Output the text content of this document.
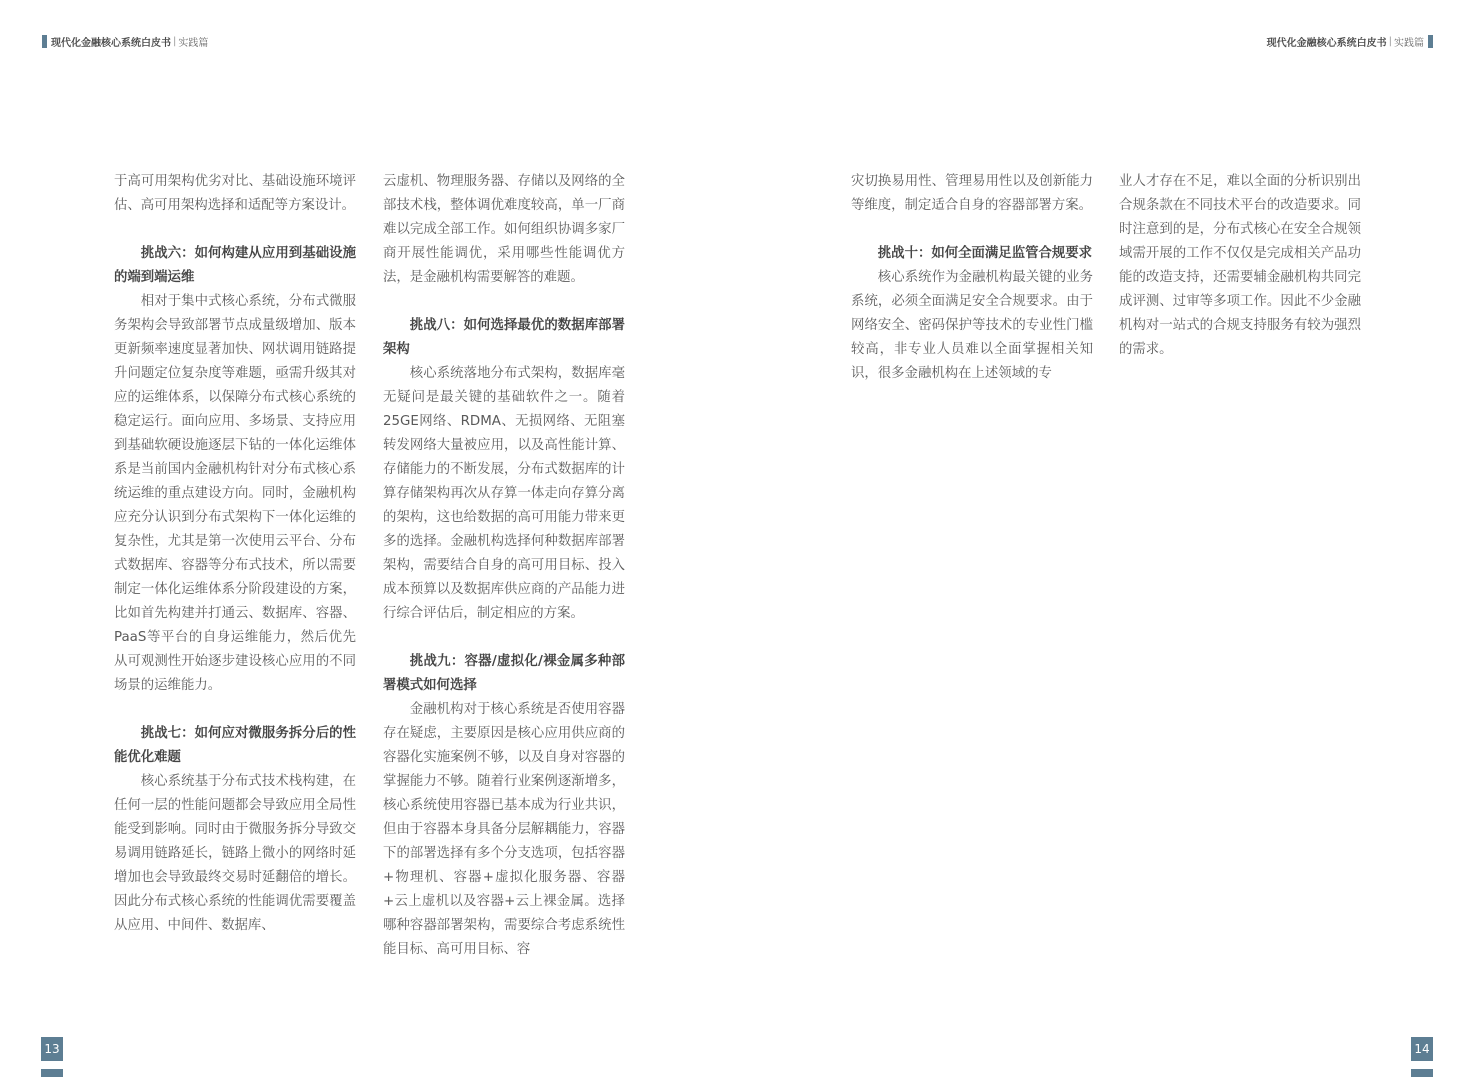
现代化金融核心系统白皮书 | 实践篇	现代化金融核心系统白皮书 | 实践篇

于高可用架构优劣对比、基础设施环境评估、高可用架构选择和适配等方案设计。

挑战六：如何构建从应用到基础设施的端到端运维

相对于集中式核心系统，分布式微服务架构会导致部署节点成量级增加、版本更新频率速度显著加快、网状调用链路提升问题定位复杂度等难题，亟需升级其对应的运维体系，以保障分布式核心系统的稳定运行。面向应用、多场景、支持应用到基础软硬设施逐层下钻的一体化运维体系是当前国内金融机构针对分布式核心系统运维的重点建设方向。同时，金融机构应充分认识到分布式架构下一体化运维的复杂性，尤其是第一次使用云平台、分布式数据库、容器等分布式技术，所以需要制定一体化运维体系分阶段建设的方案，比如首先构建并打通云、数据库、容器、PaaS等平台的自身运维能力，然后优先从可观测性开始逐步建设核心应用的不同场景的运维能力。

挑战七：如何应对微服务拆分后的性能优化难题

核心系统基于分布式技术栈构建，在任何一层的性能问题都会导致应用全局性能受到影响。同时由于微服务拆分导致交易调用链路延长，链路上微小的网络时延增加也会导致最终交易时延翻倍的增长。因此分布式核心系统的性能调优需要覆盖从应用、中间件、数据库、

云虚机、物理服务器、存储以及网络的全部技术栈，整体调优难度较高，单一厂商难以完成全部工作。如何组织协调多家厂商开展性能调优，采用哪些性能调优方法，是金融机构需要解答的难题。

挑战八：如何选择最优的数据库部署架构

核心系统落地分布式架构，数据库毫无疑问是最关键的基础软件之一。随着25GE网络、RDMA、无损网络、无阻塞转发网络大量被应用，以及高性能计算、存储能力的不断发展，分布式数据库的计算存储架构再次从存算一体走向存算分离的架构，这也给数据的高可用能力带来更多的选择。金融机构选择何种数据库部署架构，需要结合自身的高可用目标、投入成本预算以及数据库供应商的产品能力进行综合评估后，制定相应的方案。

挑战九：容器/虚拟化/裸金属多种部署模式如何选择

金融机构对于核心系统是否使用容器存在疑虑，主要原因是核心应用供应商的容器化实施案例不够，以及自身对容器的掌握能力不够。随着行业案例逐渐增多，核心系统使用容器已基本成为行业共识，但由于容器本身具备分层解耦能力，容器下的部署选择有多个分支选项，包括容器+物理机、容器+虚拟化服务器、容器+云上虚机以及容器+云上裸金属。选择哪种容器部署架构，需要综合考虑系统性能目标、高可用目标、容

灾切换易用性、管理易用性以及创新能力等维度，制定适合自身的容器部署方案。

挑战十：如何全面满足监管合规要求

核心系统作为金融机构最关键的业务系统，必须全面满足安全合规要求。由于网络安全、密码保护等技术的专业性门槛较高，非专业人员难以全面掌握相关知识，很多金融机构在上述领域的专

业人才存在不足，难以全面的分析识别出合规条款在不同技术平台的改造要求。同时注意到的是，分布式核心在安全合规领域需开展的工作不仅仅是完成相关产品功能的改造支持，还需要辅金融机构共同完成评测、过审等多项工作。因此不少金融机构对一站式的合规支持服务有较为强烈的需求。

13	14
